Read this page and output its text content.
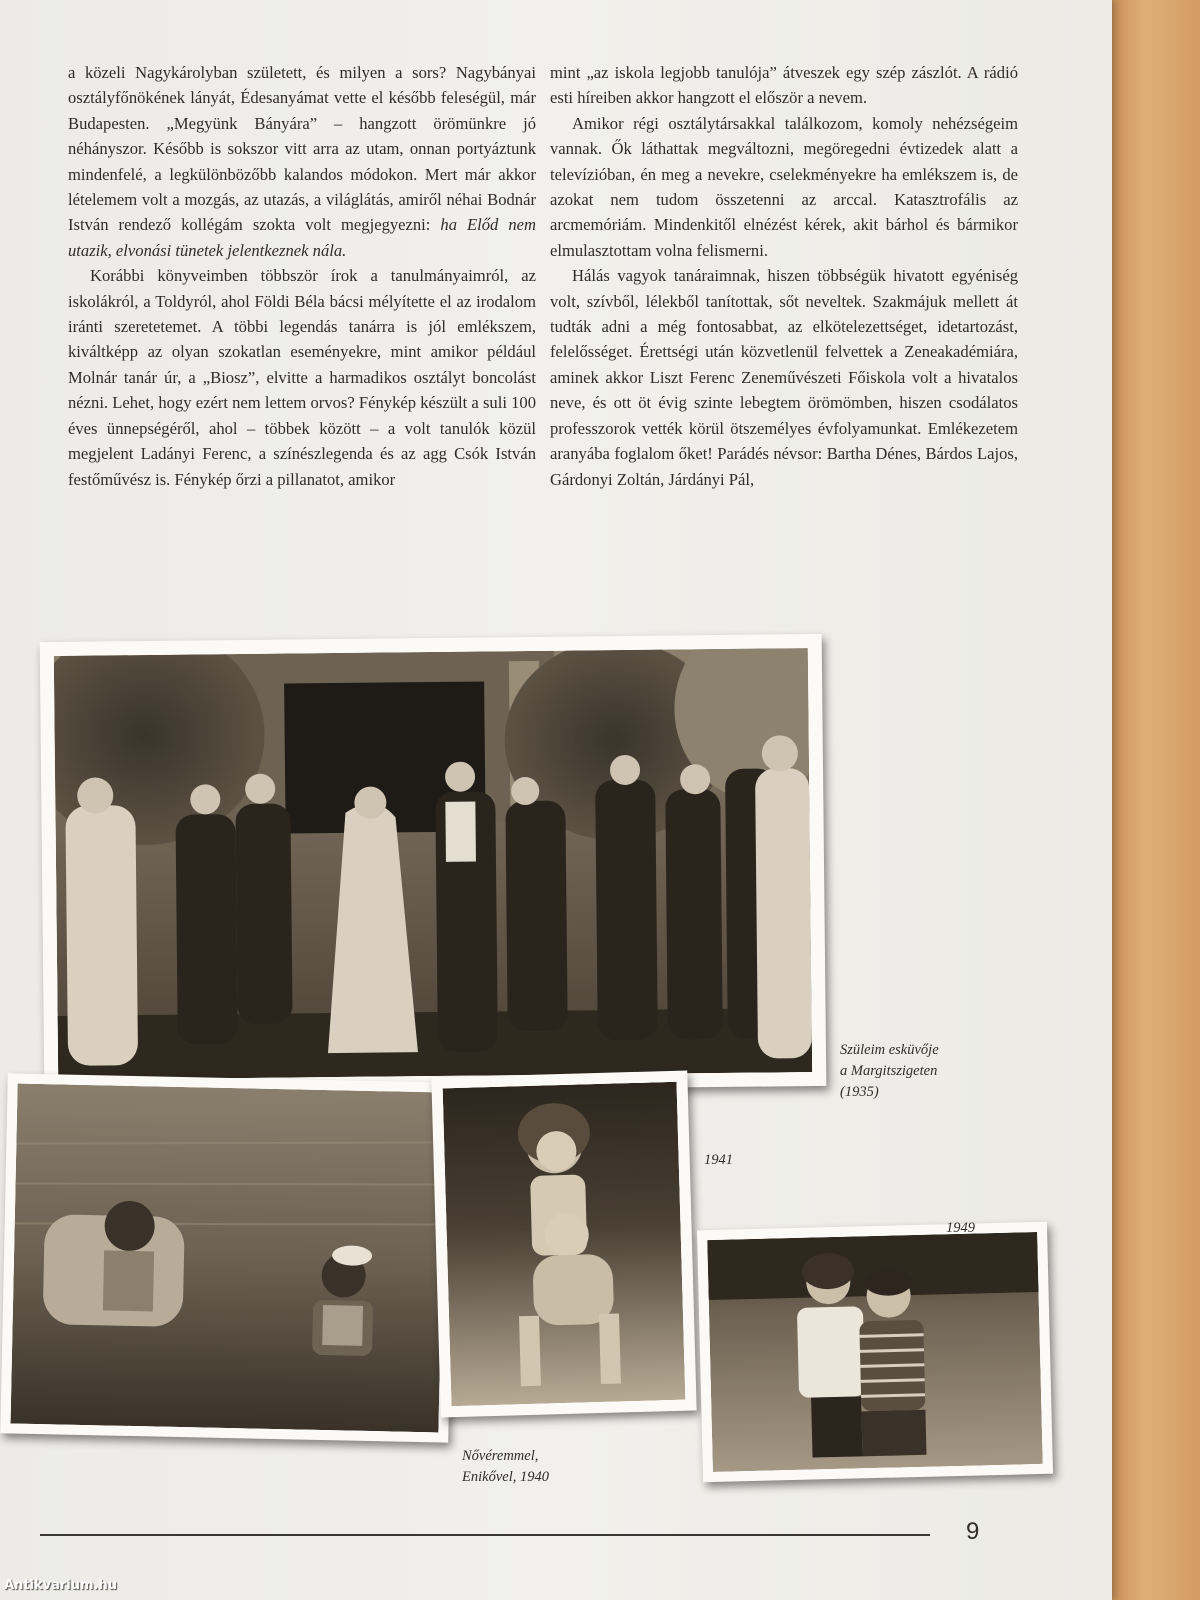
a közeli Nagykárolyban született, és milyen a sors? Nagybányai osztályfőnökének lányát, Édesanyámat vette el később feleségül, már Budapesten. „Megyünk Bányára” – hangzott örömünkre jó néhányszor. Később is sokszor vitt arra az utam, onnan portyáztunk mindenfelé, a legkülönbözőbb kalandos módokon. Mert már akkor lételemem volt a mozgás, az utazás, a világlátás, amiről néhai Bodnár István rendező kollégám szokta volt megjegyezni: ha Előd nem utazik, elvonási tünetek jelentkeznek nála.

Korábbi könyveimben többször írok a tanulmányaimról, az iskolákról, a Toldyról, ahol Földi Béla bácsi mélyítette el az irodalom iránti szeretetemet. A többi legendás tanárra is jól emlékszem, kiváltképp az olyan szokatlan eseményekre, mint amikor például Molnár tanár úr, a „Biosz”, elvitte a harmadikos osztályt boncolást nézni. Lehet, hogy ezért nem lettem orvos? Fénykép készült a suli 100 éves ünnepségéről, ahol – többek között – a volt tanulók közül megjelent Ladányi Ferenc, a színészlegenda és az agg Csók István festőművész is. Fénykép őrzi a pillanatot, amikor

mint „az iskola legjobb tanulója” átveszek egy szép zászlót. A rádió esti híreiben akkor hangzott el először a nevem.

Amikor régi osztálytársakkal találkozom, komoly nehézségeim vannak. Ők láthattak megváltozni, megöregedni évtizedek alatt a televízióban, én meg a nevekre, cselekményekre ha emlékszem is, de azokat nem tudom összetenni az arccal. Katasztrofális az arcmemóriám. Mindenkitől elnézést kérek, akit bárhol és bármikor elmulasztottam volna felismerni.

Hálás vagyok tanáraimnak, hiszen többségük hivatott egyéniség volt, szívből, lélekből tanítottak, sőt neveltek. Szakmájuk mellett át tudták adni a még fontosabbat, az elkötelezettséget, idetartozást, felelősséget. Érettségi után közvetlenül felvettek a Zeneakadémiára, aminek akkor Liszt Ferenc Zeneművészeti Főiskola volt a hivatalos neve, és ott öt évig szinte lebegtem örömömben, hiszen csodálatos professzorok vették körül ötszemélyes évfolyamunkat. Emlékezetem aranyába foglalom őket! Parádés névsor: Bartha Dénes, Bárdos Lajos, Gárdonyi Zoltán, Járdányi Pál,

Szüleim esküvője
a Margitszigeten
(1935)
Nővéremmel,
Enikővel, 1940
1941
1949
9
Antikvarium.hu
